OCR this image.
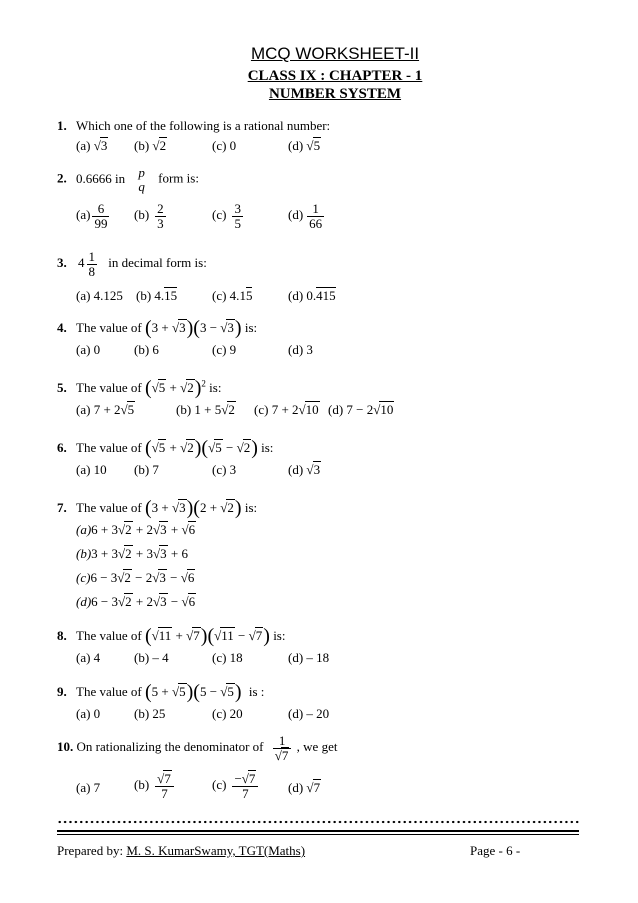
MCQ WORKSHEET-II
CLASS IX : CHAPTER - 1
NUMBER SYSTEM
1. Which one of the following is a rational number:
(a) √3 (b) √2	(c) 0	(d) √5
2. 0.6666 in p
q
form is:
$(a) \frac{6}{99} (b) \frac{2}{3}$	$(c) \frac{3}{5}$	$(d) \frac{1}{66}$
3. $4 \frac{1}{8}$ in decimal form is:
(a) 4.125 (b) 4.15	(c) 4.15	(d) 0.415
4. The value of (3 + √3)(3 − √3) is:
(a) 0	(b) 6	(c) 9	(d) 3
5. The value of $(√5 + √2)^2$ is:
(a) 7 + 2√5	(b) 1 + 5√2 (c) 7 + 2√10 (d) 7 − 2√10
6. The value of (√5 + √2)(√5 − √2) is:
(a) 10 (b) 7	(c) 3	(d) √3
7. The value of (3 + √3)(2 + √2) is:
(a)6 + 3√2 + 2√3 + √6
(b)3 + 3√2 + 3√3 + 6
(c)6 − 3√2 − 2√3 − √6
(d)6 − 3√2 + 2√3 − √6
8. The value of (√11 + √7)(√11 − √7) is:
(a) 4	(b) – 4	(c) 18	(d) – 18
9. The value of (5 + √5)(5 − √5) is :
(a) 0	(b) 25	(c) 20	(d) – 20
10. On rationalizing the denominator of $\frac{1}{√7}$ , we get
(a) 7	$(b) \frac{√7}{7}$	$(c) \frac{-√7}{7} (d)$ √7
Prepared by: M. S. KumarSwamy, TGT(Maths)	Page - 6 -
